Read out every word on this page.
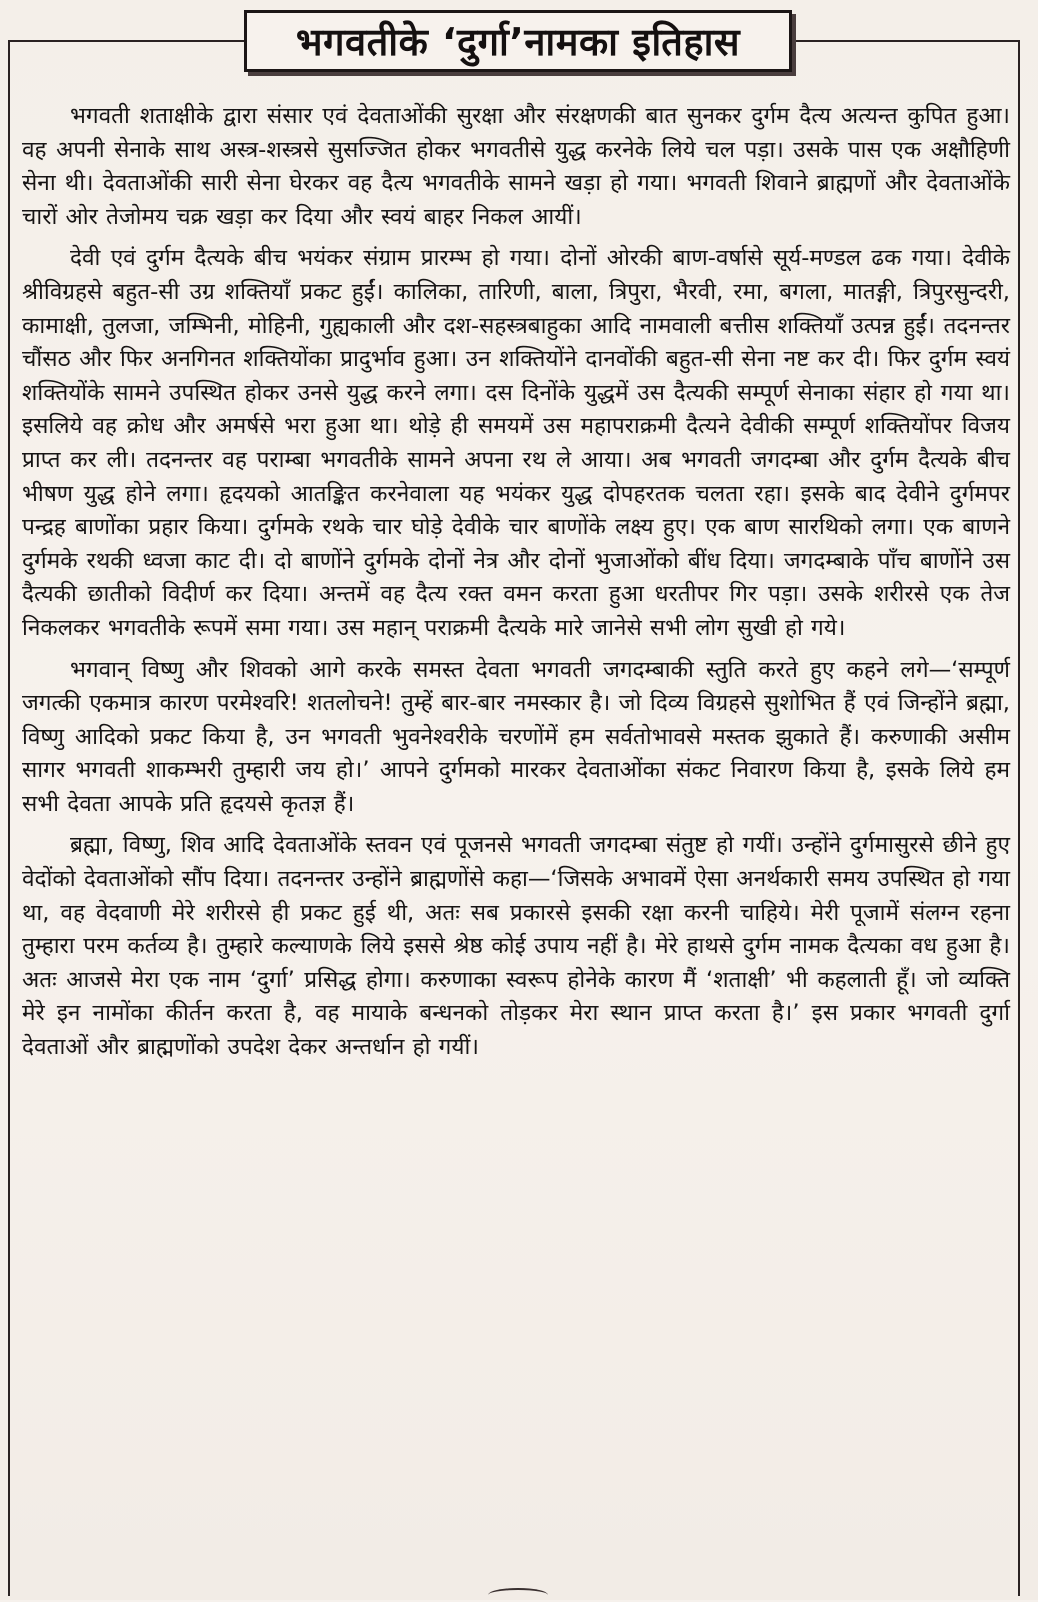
भगवतीके ‘दुर्गा’नामका इतिहास

भगवती शताक्षीके द्वारा संसार एवं देवताओंकी सुरक्षा और संरक्षणकी बात सुनकर दुर्गम दैत्य अत्यन्त कुपित हुआ। वह अपनी सेनाके साथ अस्त्र-शस्त्रसे सुसज्जित होकर भगवतीसे युद्ध करनेके लिये चल पड़ा। उसके पास एक अक्षौहिणी सेना थी। देवताओंकी सारी सेना घेरकर वह दैत्य भगवतीके सामने खड़ा हो गया। भगवती शिवाने ब्राह्मणों और देवताओंके चारों ओर तेजोमय चक्र खड़ा कर दिया और स्वयं बाहर निकल आयीं।

देवी एवं दुर्गम दैत्यके बीच भयंकर संग्राम प्रारम्भ हो गया। दोनों ओरकी बाण-वर्षासे सूर्य-मण्डल ढक गया। देवीके श्रीविग्रहसे बहुत-सी उग्र शक्तियाँ प्रकट हुईं। कालिका, तारिणी, बाला, त्रिपुरा, भैरवी, रमा, बगला, मातङ्गी, त्रिपुरसुन्दरी, कामाक्षी, तुलजा, जम्भिनी, मोहिनी, गुह्यकाली और दश-सहस्त्रबाहुका आदि नामवाली बत्तीस शक्तियाँ उत्पन्न हुईं। तदनन्तर चौंसठ और फिर अनगिनत शक्तियोंका प्रादुर्भाव हुआ। उन शक्तियोंने दानवोंकी बहुत-सी सेना नष्ट कर दी। फिर दुर्गम स्वयं शक्तियोंके सामने उपस्थित होकर उनसे युद्ध करने लगा। दस दिनोंके युद्धमें उस दैत्यकी सम्पूर्ण सेनाका संहार हो गया था। इसलिये वह क्रोध और अमर्षसे भरा हुआ था। थोड़े ही समयमें उस महापराक्रमी दैत्यने देवीकी सम्पूर्ण शक्तियोंपर विजय प्राप्त कर ली। तदनन्तर वह पराम्बा भगवतीके सामने अपना रथ ले आया। अब भगवती जगदम्बा और दुर्गम दैत्यके बीच भीषण युद्ध होने लगा। हृदयको आतङ्कित करनेवाला यह भयंकर युद्ध दोपहरतक चलता रहा। इसके बाद देवीने दुर्गमपर पन्द्रह बाणोंका प्रहार किया। दुर्गमके रथके चार घोड़े देवीके चार बाणोंके लक्ष्य हुए। एक बाण सारथिको लगा। एक बाणने दुर्गमके रथकी ध्वजा काट दी। दो बाणोंने दुर्गमके दोनों नेत्र और दोनों भुजाओंको बींध दिया। जगदम्बाके पाँच बाणोंने उस दैत्यकी छातीको विदीर्ण कर दिया। अन्तमें वह दैत्य रक्त वमन करता हुआ धरतीपर गिर पड़ा। उसके शरीरसे एक तेज निकलकर भगवतीके रूपमें समा गया। उस महान् पराक्रमी दैत्यके मारे जानेसे सभी लोग सुखी हो गये।

भगवान् विष्णु और शिवको आगे करके समस्त देवता भगवती जगदम्बाकी स्तुति करते हुए कहने लगे—‘सम्पूर्ण जगत्की एकमात्र कारण परमेश्वरि! शतलोचने! तुम्हें बार-बार नमस्कार है। जो दिव्य विग्रहसे सुशोभित हैं एवं जिन्होंने ब्रह्मा, विष्णु आदिको प्रकट किया है, उन भगवती भुवनेश्वरीके चरणोंमें हम सर्वतोभावसे मस्तक झुकाते हैं। करुणाकी असीम सागर भगवती शाकम्भरी तुम्हारी जय हो।’ आपने दुर्गमको मारकर देवताओंका संकट निवारण किया है, इसके लिये हम सभी देवता आपके प्रति हृदयसे कृतज्ञ हैं।

ब्रह्मा, विष्णु, शिव आदि देवताओंके स्तवन एवं पूजनसे भगवती जगदम्बा संतुष्ट हो गयीं। उन्होंने दुर्गमासुरसे छीने हुए वेदोंको देवताओंको सौंप दिया। तदनन्तर उन्होंने ब्राह्मणोंसे कहा—‘जिसके अभावमें ऐसा अनर्थकारी समय उपस्थित हो गया था, वह वेदवाणी मेरे शरीरसे ही प्रकट हुई थी, अतः सब प्रकारसे इसकी रक्षा करनी चाहिये। मेरी पूजामें संलग्न रहना तुम्हारा परम कर्तव्य है। तुम्हारे कल्याणके लिये इससे श्रेष्ठ कोई उपाय नहीं है। मेरे हाथसे दुर्गम नामक दैत्यका वध हुआ है। अतः आजसे मेरा एक नाम ‘दुर्गा’ प्रसिद्ध होगा। करुणाका स्वरूप होनेके कारण मैं ‘शताक्षी’ भी कहलाती हूँ। जो व्यक्ति मेरे इन नामोंका कीर्तन करता है, वह मायाके बन्धनको तोड़कर मेरा स्थान प्राप्त करता है।’ इस प्रकार भगवती दुर्गा देवताओं और ब्राह्मणोंको उपदेश देकर अन्तर्धान हो गयीं।
